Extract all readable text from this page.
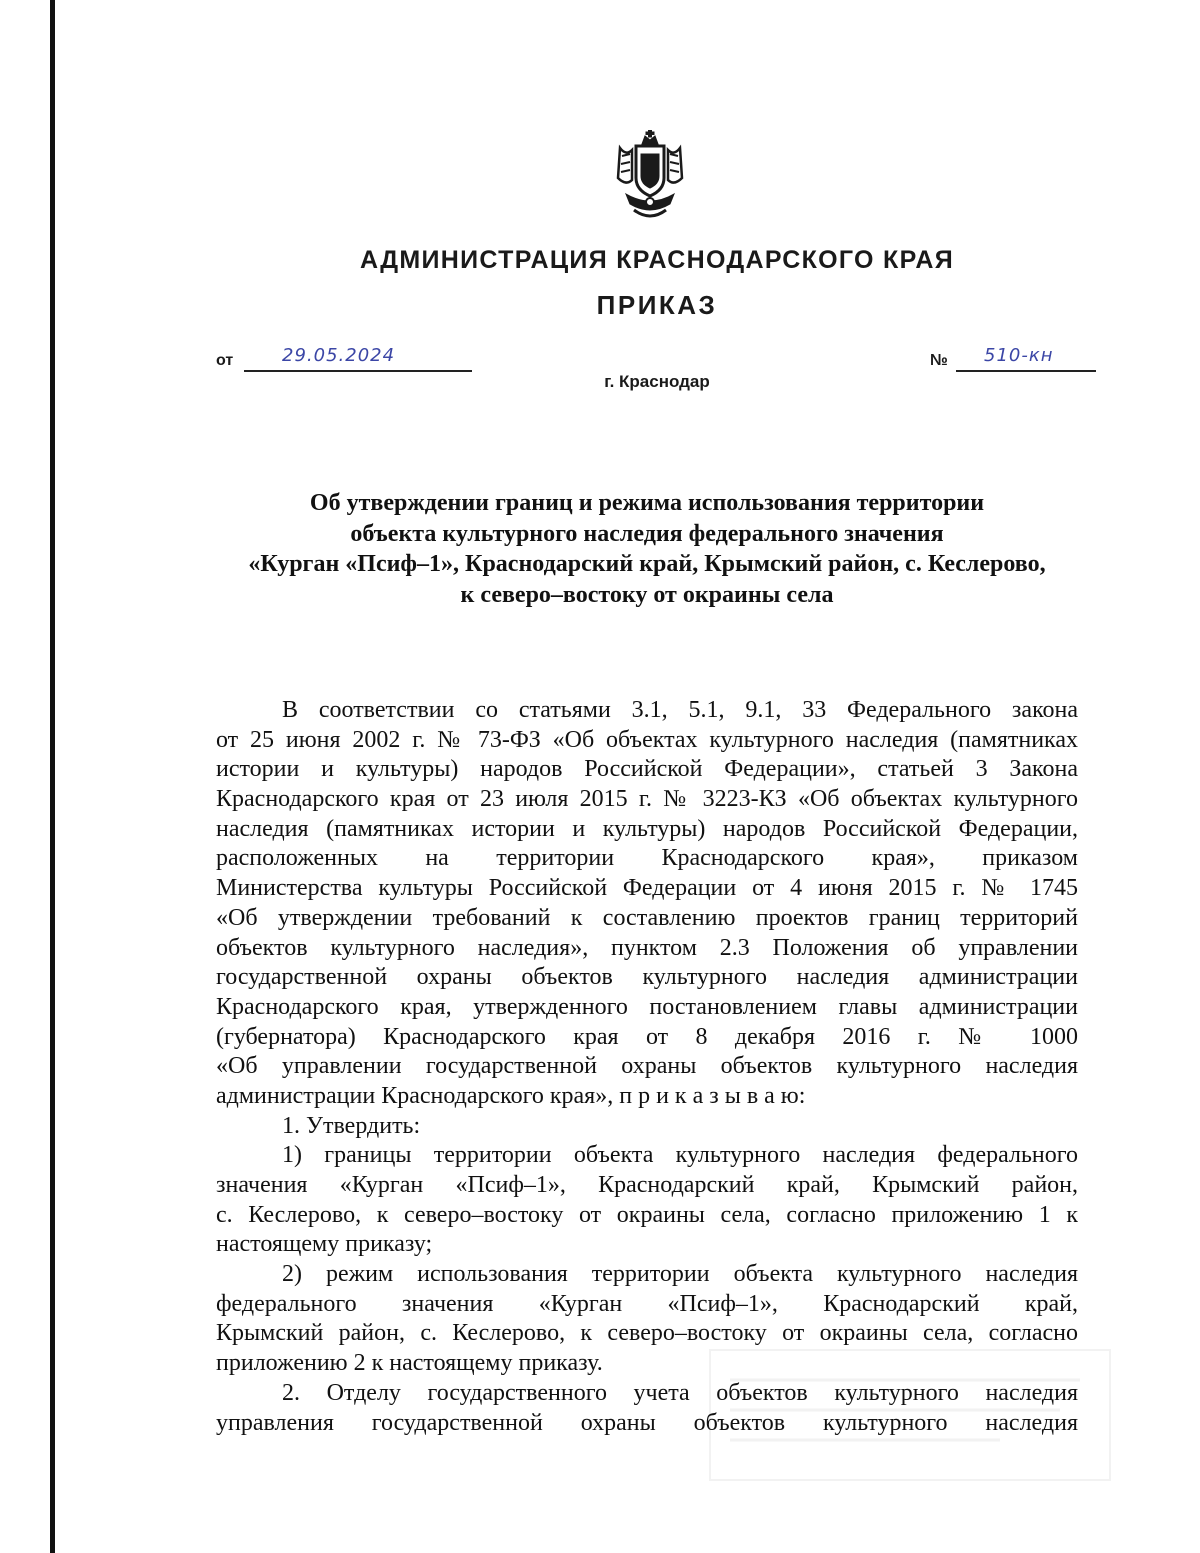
АДМИНИСТРАЦИЯ КРАСНОДАРСКОГО КРАЯ
ПРИКАЗ
от	29.05.2024	№ 510-кн
г. Краснодар
Об утверждении границ и режима использования территории
объекта культурного наследия федерального значения
«Курган «Псиф–1», Краснодарский край, Крымский район, с. Кеслерово,
к северо–востоку от окраины села
В соответствии со статьями 3.1, 5.1, 9.1, 33 Федерального закона
от 25 июня 2002 г. № 73-ФЗ «Об объектах культурного наследия (памятниках
истории и культуры) народов Российской Федерации», статьей 3 Закона
Краснодарского края от 23 июля 2015 г. № 3223-КЗ «Об объектах культурного
наследия (памятниках истории и культуры) народов Российской Федерации,
расположенных на территории Краснодарского края», приказом
Министерства культуры Российской Федерации от 4 июня 2015 г. № 1745
«Об утверждении требований к составлению проектов границ территорий
объектов культурного наследия», пунктом 2.3 Положения об управлении
государственной охраны объектов культурного наследия администрации
Краснодарского края, утвержденного постановлением главы администрации
(губернатора) Краснодарского края от 8 декабря 2016 г. № 1000
«Об управлении государственной охраны объектов культурного наследия
администрации Краснодарского края», п р и к а з ы в а ю:
1. Утвердить:
1) границы территории объекта культурного наследия федерального
значения «Курган «Псиф–1», Краснодарский край, Крымский район,
с. Кеслерово, к северо–востоку от окраины села, согласно приложению 1 к
настоящему приказу;
2) режим использования территории объекта культурного наследия
федерального значения «Курган «Псиф–1», Краснодарский край,
Крымский район, с. Кеслерово, к северо–востоку от окраины села, согласно
приложению 2 к настоящему приказу.
2. Отделу государственного учета объектов культурного наследия
управления государственной охраны объектов культурного наследия
